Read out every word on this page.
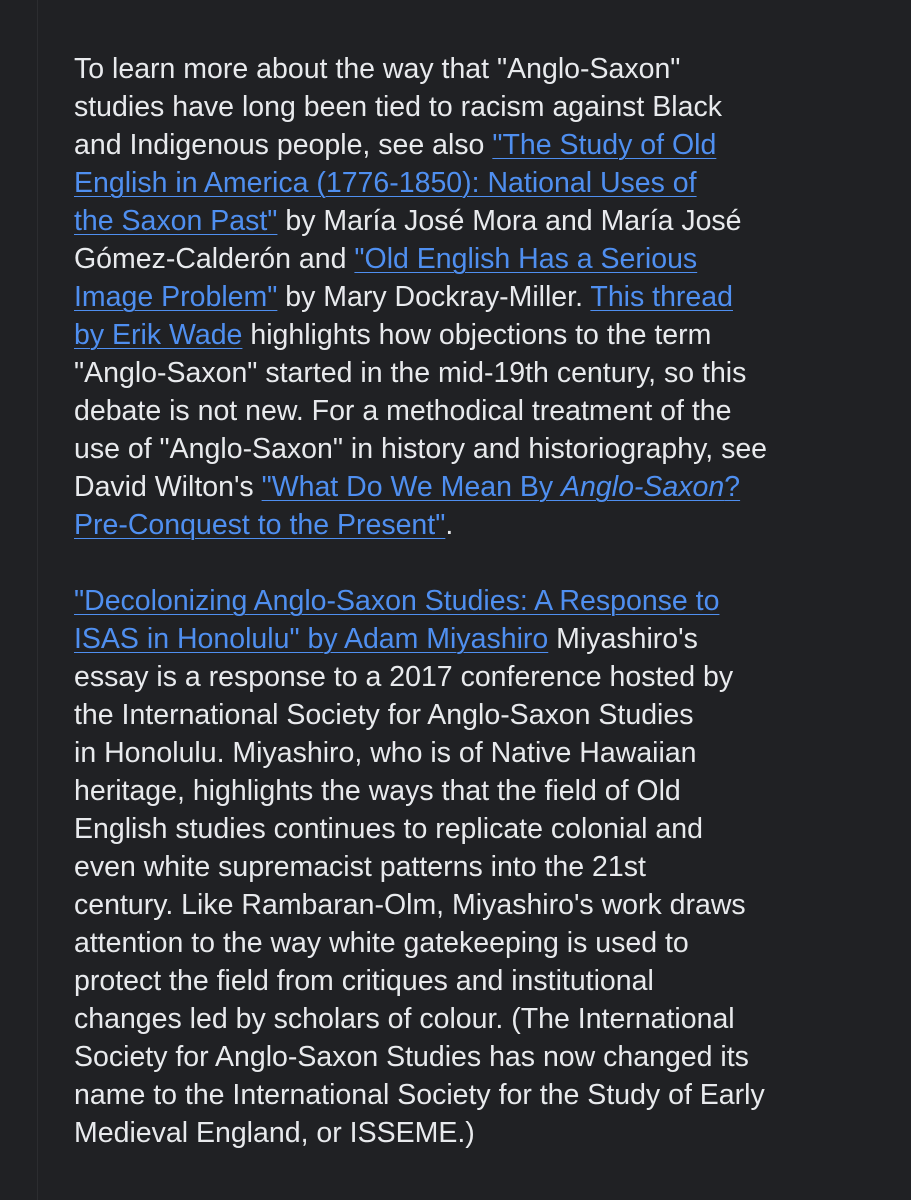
To learn more about the way that "Anglo-Saxon"
studies have long been tied to racism against Black
and Indigenous people, see also "The Study of Old
English in America (1776-1850): National Uses of
the Saxon Past" by María José Mora and María José
Gómez-Calderón and "Old English Has a Serious
Image Problem" by Mary Dockray-Miller. This thread
by Erik Wade highlights how objections to the term
"Anglo-Saxon" started in the mid-19th century, so this
debate is not new. For a methodical treatment of the
use of "Anglo-Saxon" in history and historiography, see
David Wilton's "What Do We Mean By Anglo-Saxon?
Pre-Conquest to the Present".

"Decolonizing Anglo-Saxon Studies: A Response to
ISAS in Honolulu" by Adam Miyashiro Miyashiro's
essay is a response to a 2017 conference hosted by
the International Society for Anglo-Saxon Studies
in Honolulu. Miyashiro, who is of Native Hawaiian
heritage, highlights the ways that the field of Old
English studies continues to replicate colonial and
even white supremacist patterns into the 21st
century. Like Rambaran-Olm, Miyashiro's work draws
attention to the way white gatekeeping is used to
protect the field from critiques and institutional
changes led by scholars of colour. (The International
Society for Anglo-Saxon Studies has now changed its
name to the International Society for the Study of Early
Medieval England, or ISSEME.)
